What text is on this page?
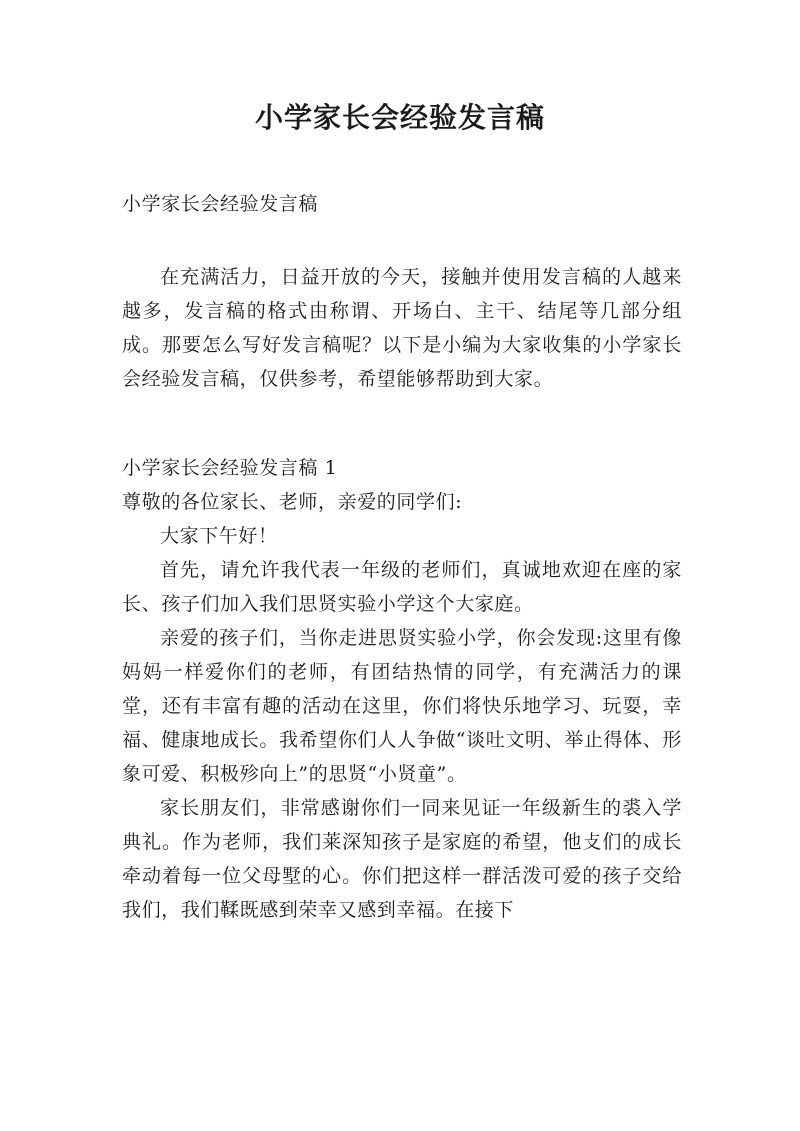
小学家长会经验发言稿
小学家长会经验发言稿

在充满活力，日益开放的今天，接触并使用发言稿的人越来越多，发言稿的格式由称谓、开场白、主干、结尾等几部分组成。那要怎么写好发言稿呢？以下是小编为大家收集的小学家长会经验发言稿，仅供参考，希望能够帮助到大家。

小学家长会经验发言稿 1

尊敬的各位家长、老师，亲爱的同学们:

大家下午好！

首先，请允许我代表一年级的老师们，真诚地欢迎在座的家长、孩子们加入我们思贤实验小学这个大家庭。

亲爱的孩子们，当你走进思贤实验小学，你会发现:这里有像妈妈一样爱你们的老师，有团结热情的同学，有充满活力的课堂，还有丰富有趣的活动在这里，你们将快乐地学习、玩耍，幸福、健康地成长。我希望你们人人争做“谈吐文明、举止得体、形象可爱、积极殄向上”的思贤“小贤童”。

家长朋友们，非常感谢你们一同来见证一年级新生的裘入学典礼。作为老师，我们莱深知孩子是家庭的希望，他攴们的成长牵动着每一位父母墅的心。你们把这样一群活泼可爱的孩子交给我们，我们鞣既感到荣幸又感到幸福。在接下
